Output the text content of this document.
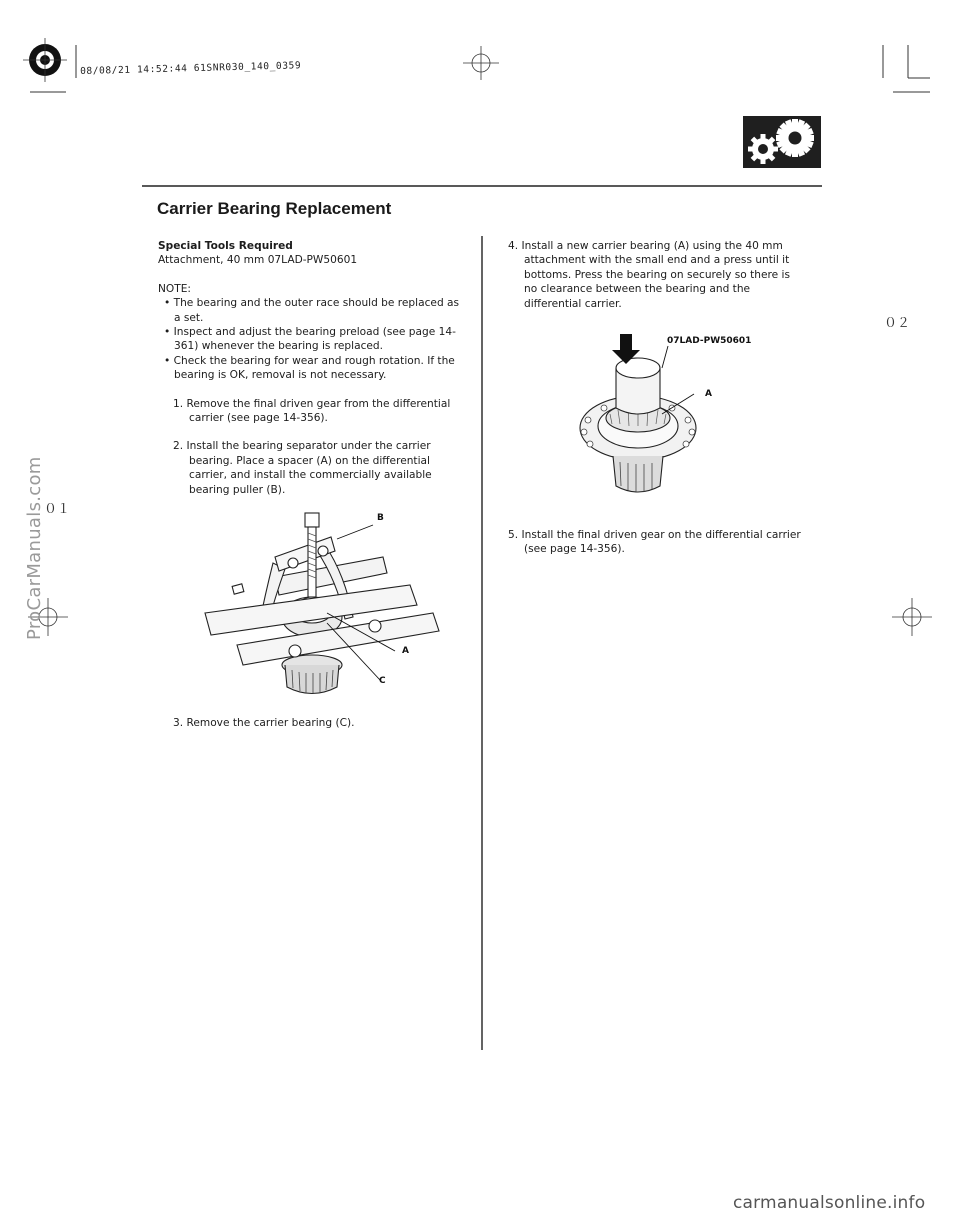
08/08/21 14:52:44 61SNR030_140_0359
Carrier Bearing Replacement

Special Tools Required

Attachment, 40 mm 07LAD-PW50601

NOTE:

• The bearing and the outer race should be replaced as a set.

• Inspect and adjust the bearing preload (see page 14-361) whenever the bearing is replaced.

• Check the bearing for wear and rough rotation. If the bearing is OK, removal is not necessary.

1. Remove the final driven gear from the differential carrier (see page 14-356).

2. Install the bearing separator under the carrier bearing. Place a spacer (A) on the differential carrier, and install the commercially available bearing puller (B).

B
A
C

3. Remove the carrier bearing (C).

4. Install a new carrier bearing (A) using the 40 mm attachment with the small end and a press until it bottoms. Press the bearing on securely so there is no clearance between the bearing and the differential carrier.

07LAD-PW50601
A

5. Install the final driven gear on the differential carrier (see page 14-356).

０１
０２
ProCarManuals.com
carmanualsonline.info
